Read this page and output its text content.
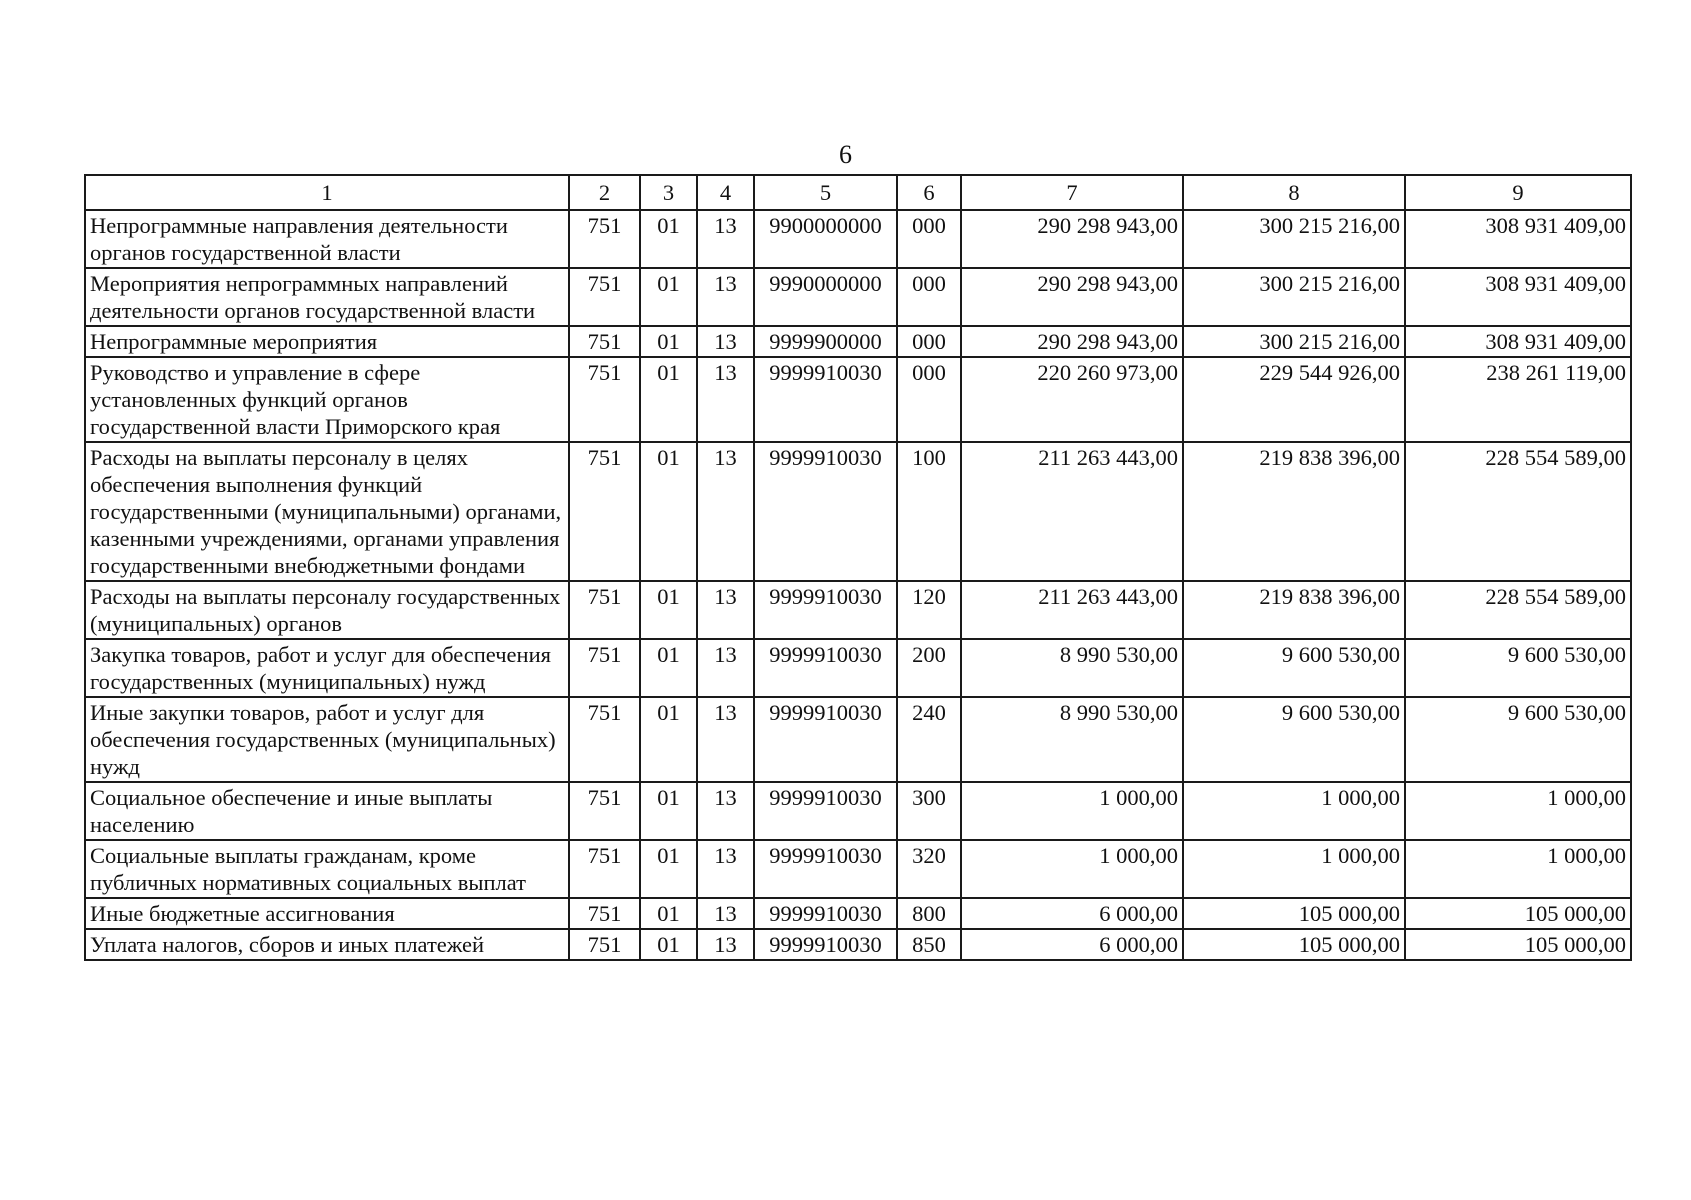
6
1	2	3	4	5	6	7	8	9
Непрограммные направления деятельности органов государственной власти	751	01	13	9900000000	000	290 298 943,00	300 215 216,00	308 931 409,00
Мероприятия непрограммных направлений деятельности органов государственной власти	751	01	13	9990000000	000	290 298 943,00	300 215 216,00	308 931 409,00
Непрограммные мероприятия	751	01	13	9999900000	000	290 298 943,00	300 215 216,00	308 931 409,00
Руководство и управление в сфере установленных функций органов государственной власти Приморского края	751	01	13	9999910030	000	220 260 973,00	229 544 926,00	238 261 119,00
Расходы на выплаты персоналу в целях обеспечения выполнения функций государственными (муниципальными) органами, казенными учреждениями, органами управления государственными внебюджетными фондами	751	01	13	9999910030	100	211 263 443,00	219 838 396,00	228 554 589,00
Расходы на выплаты персоналу государственных (муниципальных) органов	751	01	13	9999910030	120	211 263 443,00	219 838 396,00	228 554 589,00
Закупка товаров, работ и услуг для обеспечения государственных (муниципальных) нужд	751	01	13	9999910030	200	8 990 530,00	9 600 530,00	9 600 530,00
Иные закупки товаров, работ и услуг для обеспечения государственных (муниципальных) нужд	751	01	13	9999910030	240	8 990 530,00	9 600 530,00	9 600 530,00
Социальное обеспечение и иные выплаты населению	751	01	13	9999910030	300	1 000,00	1 000,00	1 000,00
Социальные выплаты гражданам, кроме публичных нормативных социальных выплат	751	01	13	9999910030	320	1 000,00	1 000,00	1 000,00
Иные бюджетные ассигнования	751	01	13	9999910030	800	6 000,00	105 000,00	105 000,00
Уплата налогов, сборов и иных платежей	751	01	13	9999910030	850	6 000,00	105 000,00	105 000,00
